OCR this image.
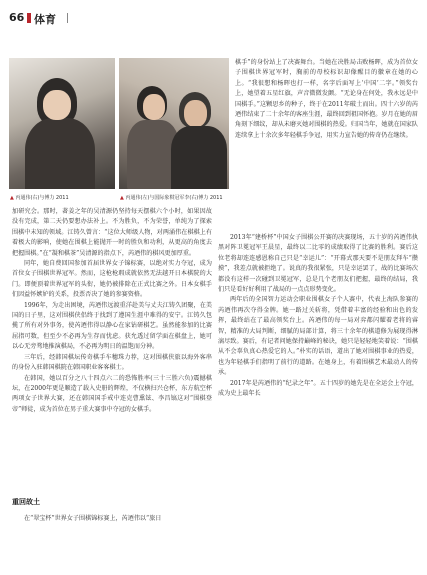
66 体育
▲ 丙通伟(右)与傅力 2011	▲ 丙通伟(左)与国际象棋冠军李(右)傅力 2011

棋手”的身份站上了决赛舞台。当她在决胜局击败杨晖，成为首位女子围棋世界冠军时，胸前的母校标识却像醒目的徽章在她的心上。“我很想和杨晖也打一样，名字后面写上‘中国’二字。”领奖台上，她望着五星红旗，声音微微发颤。“无论身在何处，我永远是中国棋手。”这颗思乡的种子，终于在2011年破土而出。四十六岁的芮迺伟结束了二十余年的客座生涯，最终回到祖国怀抱。岁月在她的眉角刻下细纹，却从未磨灭她对围棋的热爱。归国当年，她就在国家队连续拿上十余次多年轻棋手争冠，用实力宣告她的传奇仍在继续。

加研究会。那时，著姜之年的吴清源仍坚持每天摆棋六个小时，如果因故没有完成，第二天仍要想办法补上。不为胜负，不为荣誉，单纯为了探索围棋中未知的领域。江铸久曾言：“这位大师级人物，对两涌伟在棋棋上有着极大的影响，使她在围棋上能抛开一时的胜负和功利，从更高的角度去把握围棋。”在“凝和棋茶”吴清源的指点下，芮迺伟的棋风更加厚重。

同年，她自费回国参加首届世界女子锦标赛，以绝对实力夺冠，成为首位女子围棋世界冠军。然而，这枪枪瑕成就依然无法越开日本棋院的大门。即便顶着世界冠军的头衔，她仍被排除在正式比赛之外。日本女棋手们因益怀嫉妒的关系，投票否决了她的参赛资格。

1996年，为走出困境，芮迺伟远渡重洋赴美与丈夫江铸久团聚，在美国的日子里，这对围棋侠侣终于找到了遵国生涯中难得的安宁。江铸久包揽了所有对外事务，使芮迺伟得以静心在家钻研棋艺。虽然能参加的比赛屈指可数，但至少不必再为生存而忧虑。获允透过留学面在棋盘上，她可以心无旁骛地推演棋局，不必再为明日的温饱而分神。

三年后，经韩国棋坛传奇棋手车穗珠力荐，这对围棋侠旅以海外客串的身份入驻韩国棋院在韩国职业客客棋士。

在韩国，她以百分之八十四点六二的恐怖胜率(三十三胜六负)震撼棋坛，在2000年更是顺造了载入史册的辉煌，不仅横扫兴仓杯，东方航空杯两项女子世界大赛，还在韩国国手戒中连克曹熏铉、李昌镐这对“围棋登帝”师徒，成为首位在男子重大赛事中夺冠的女棋手。

重回故土

在“翠宝杯”世界女子围棋锦标赛上，芮迺伟以“旅日

2013年“建桥杯”中国女子围棋公开赛的决赛现场，五十岁的芮迺伟执黑对阵卫冕冠军王晨星，最终以二比零的成绩取得了比赛的胜利。赛后这位老将却连连感恩称自己只是“幸运儿”：“开幕式那天要不是朋友拜车“攒摸”，我差点就被拒绝了。说真的我很紧张，只是幸运罢了，战的比赛场次都没有这样一次碰到卫冕冠军，总是几个老朋友们把握，最终的结局，我们只是看好好利用了战局的一点点形势变化。

两年后的全国智力运动会职业围棋女子个人赛中，代表上海队参赛的芮迺伟再次夺得金牌。她一路过关斩将，凭借着丰富的经验和出色的发挥，最终站在了最高领奖台上。芮迺伟的每一局对弈都闪耀着老将的睿智，精准的大局判断，细腻的局部计算，将三十余年的棋道修为展现得淋漓尽致。赛后，有记者问她保持巅峰的秘诀，她只是轻轻地笑着说：“围棋从不会辜负真心热爱它的人。”朴实的话语，道出了她对围棋事业的热爱，也为年轻棋手们指明了前行的道路。在她身上，有着围棋艺术最动人的传承。

2017年是芮迺伟的“纪录之年”。五十四岁的她先是在全运会上夺冠，成为史上最年长
